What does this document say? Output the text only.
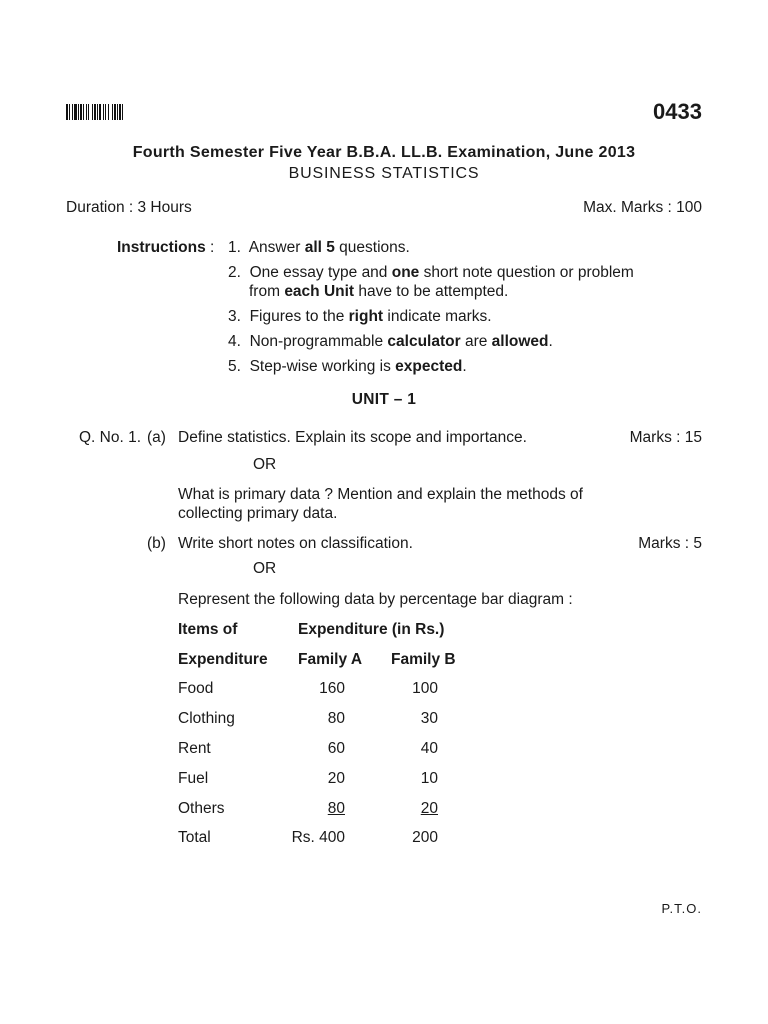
0433
Fourth Semester Five Year B.B.A. LL.B. Examination, June 2013
BUSINESS STATISTICS
Duration : 3 Hours	Max. Marks : 100
Instructions : 1. Answer all 5 questions.
2. One essay type and one short note question or problem
from each Unit have to be attempted.
3. Figures to the right indicate marks.
4. Non-programmable calculator are allowed.
5. Step-wise working is expected.
UNIT – 1
Q. No. 1. (a) Define statistics. Explain its scope and importance.	Marks : 15
OR
What is primary data ? Mention and explain the methods of
collecting primary data.
(b) Write short notes on classification.	Marks : 5
OR
Represent the following data by percentage bar diagram :
Items of	Expenditure (in Rs.)
Expenditure Family A Family B
Food	160	100
Clothing	80	30
Rent	60	40
Fuel	20	10
Others	80	20
Total	Rs. 400	200
P.T.O.
